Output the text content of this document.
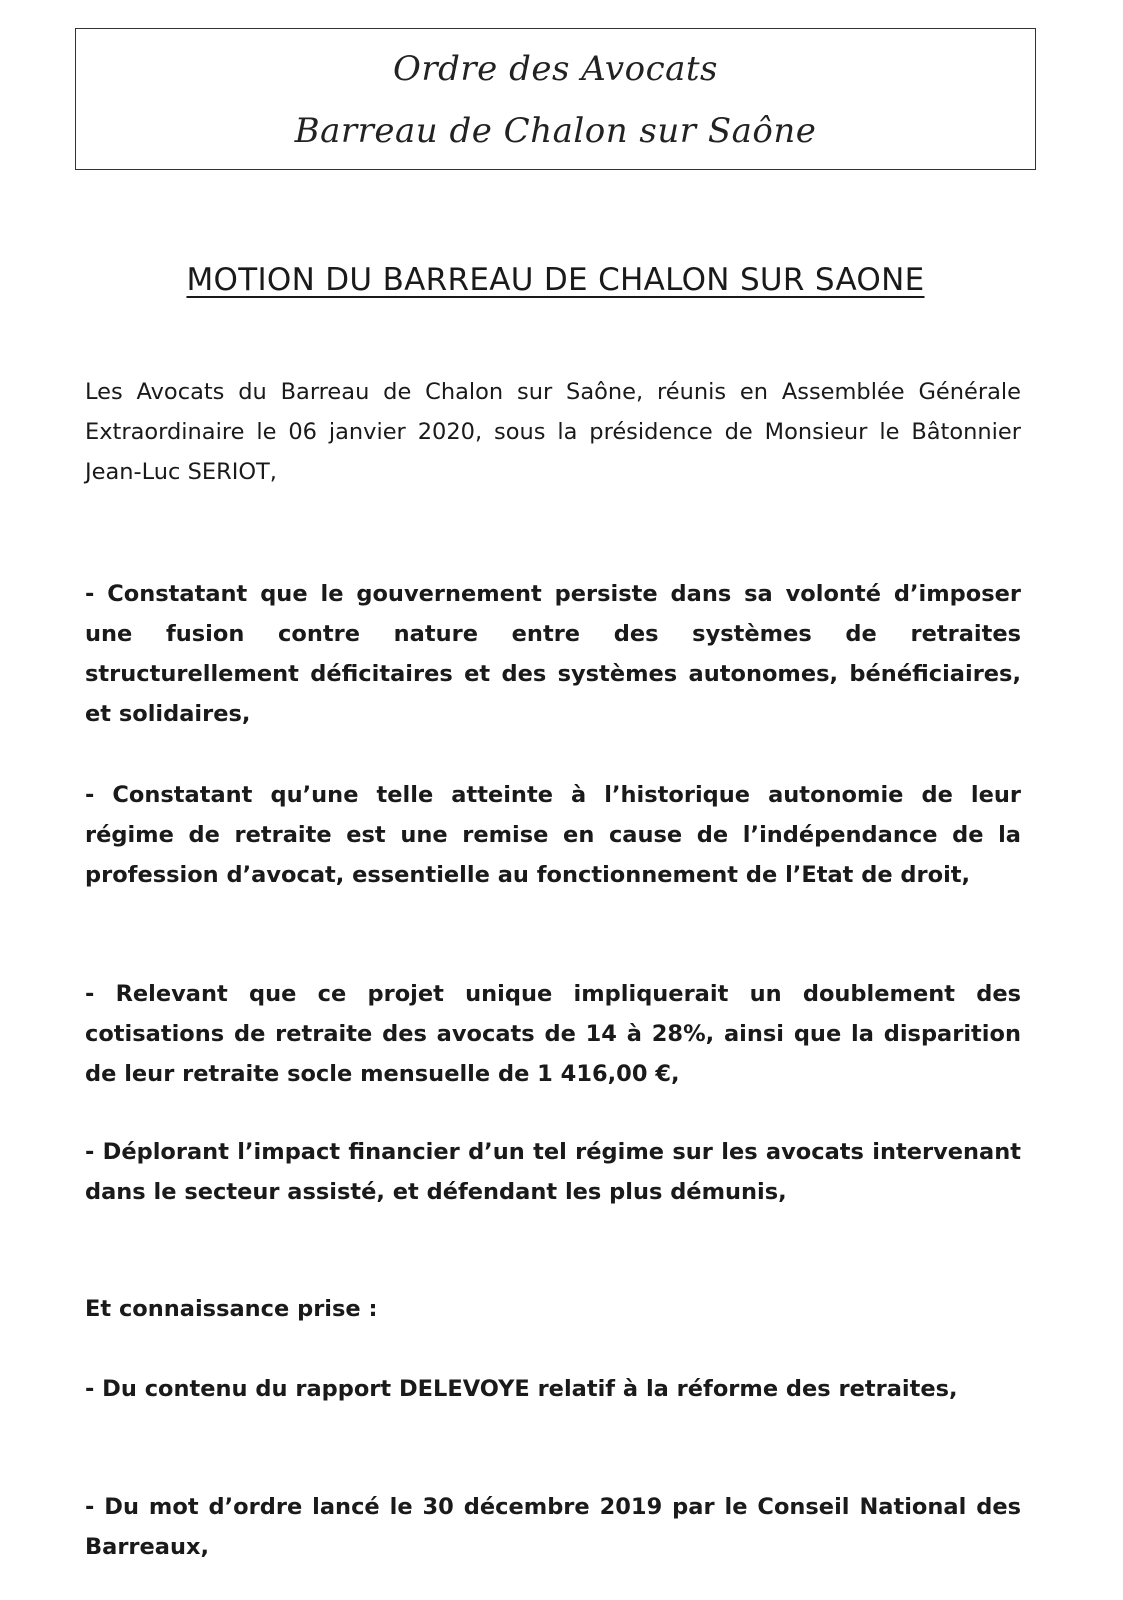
Ordre des Avocats
Barreau de Chalon sur Saône
MOTION DU BARREAU DE CHALON SUR SAONE

Les Avocats du Barreau de Chalon sur Saône, réunis en Assemblée Générale Extraordinaire le 06 janvier 2020, sous la présidence de Monsieur le Bâtonnier Jean-Luc SERIOT,

- Constatant que le gouvernement persiste dans sa volonté d’imposer une fusion contre nature entre des systèmes de retraites structurellement déficitaires et des systèmes autonomes, bénéficiaires, et solidaires,

- Constatant qu’une telle atteinte à l’historique autonomie de leur régime de retraite est une remise en cause de l’indépendance de la profession d’avocat, essentielle au fonctionnement de l’Etat de droit,

- Relevant que ce projet unique impliquerait un doublement des cotisations de retraite des avocats de 14 à 28%, ainsi que la disparition de leur retraite socle mensuelle de 1 416,00 €,

- Déplorant l’impact financier d’un tel régime sur les avocats intervenant dans le secteur assisté, et défendant les plus démunis,

Et connaissance prise :

- Du contenu du rapport DELEVOYE relatif à la réforme des retraites,

- Du mot d’ordre lancé le 30 décembre 2019 par le Conseil National des Barreaux,
